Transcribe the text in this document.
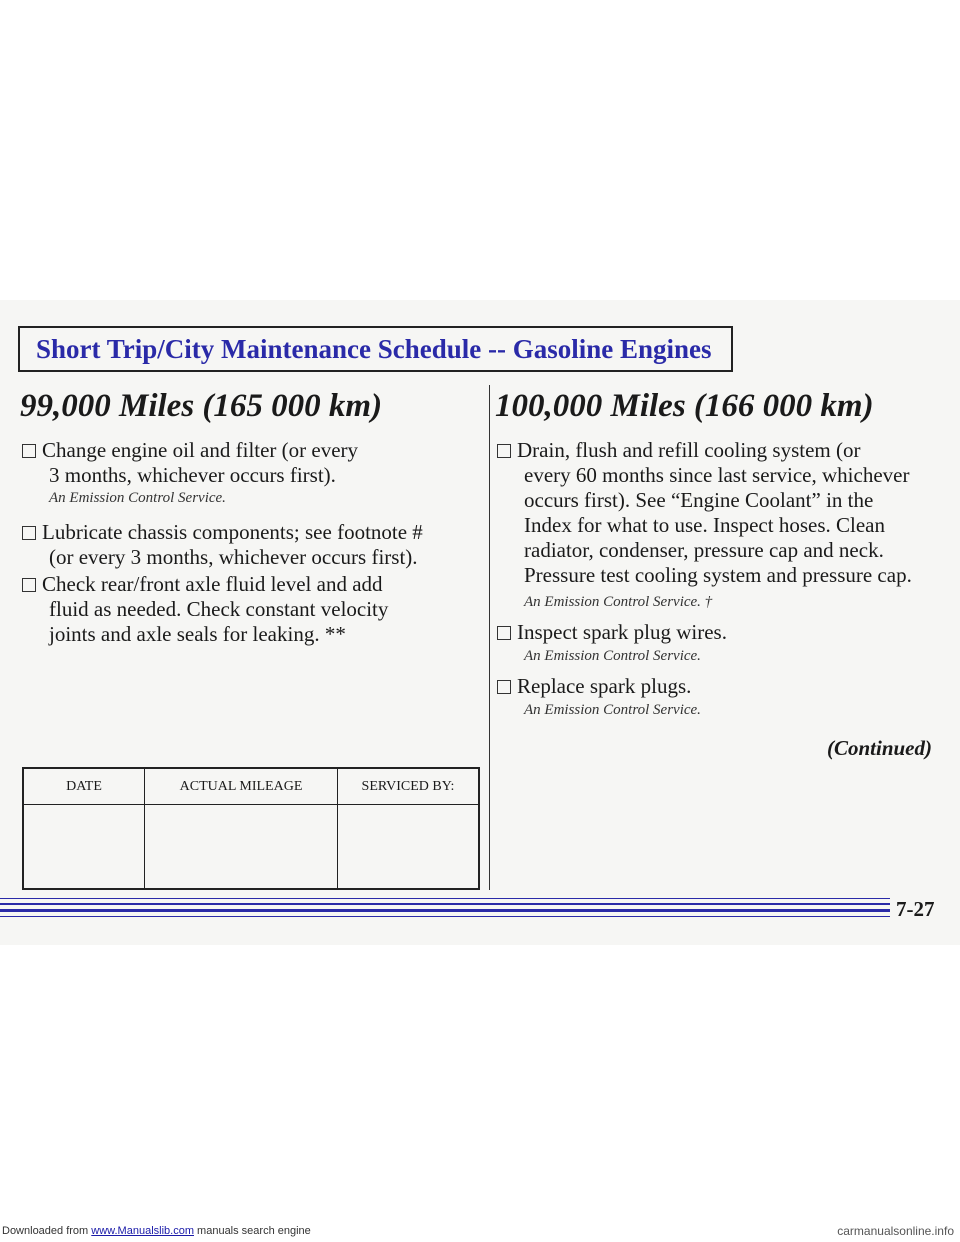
Short Trip/City Maintenance Schedule -- Gasoline Engines
99,000 Miles (165 000 km)	100,000 Miles (166 000 km)
Change engine oil and filter (or every
3 months, whichever occurs first).
An Emission Control Service.
Lubricate chassis components; see footnote #
(or every 3 months, whichever occurs first).
Check rear/front axle fluid level and add
fluid as needed. Check constant velocity
joints and axle seals for leaking. **
DATE	ACTUAL MILEAGE	SERVICED BY:

Drain, flush and refill cooling system (or
every 60 months since last service, whichever
occurs first). See “Engine Coolant” in the
Index for what to use. Inspect hoses. Clean
radiator, condenser, pressure cap and neck.
Pressure test cooling system and pressure cap.
An Emission Control Service. †
Inspect spark plug wires.
An Emission Control Service.
Replace spark plugs.
An Emission Control Service.
(Continued)
7-27
Downloaded from www.Manualslib.com manuals search engine	carmanualsonline.info
